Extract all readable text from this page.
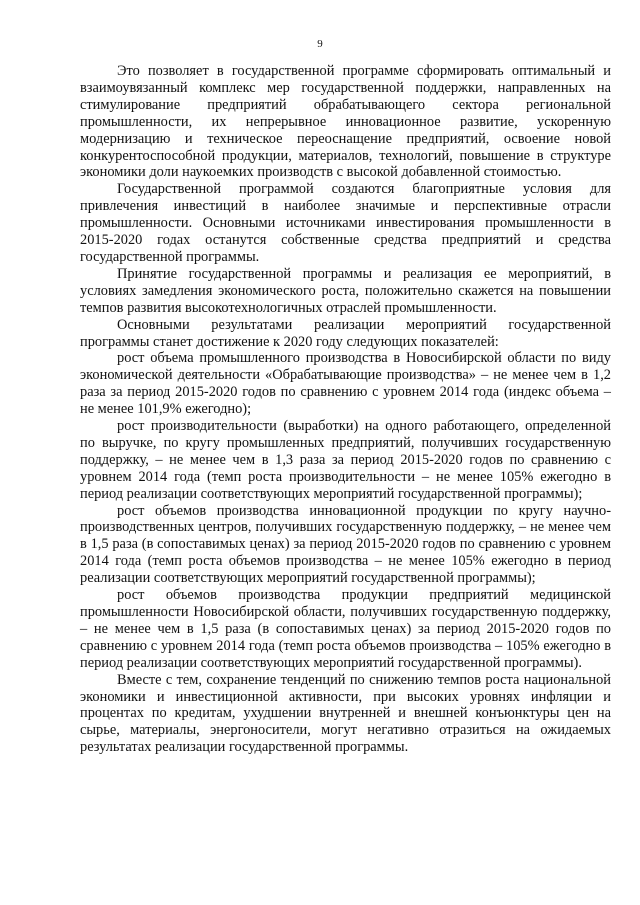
9

Это позволяет в государственной программе сформировать оптимальный и взаимоувязанный комплекс мер государственной поддержки, направленных на стимулирование предприятий обрабатывающего сектора региональной промышленности, их непрерывное инновационное развитие, ускоренную модернизацию и техническое переоснащение предприятий, освоение новой конкурентоспособной продукции, материалов, технологий, повышение в структуре экономики доли наукоемких производств с высокой добавленной стоимостью.

Государственной программой создаются благоприятные условия для привлечения инвестиций в наиболее значимые и перспективные отрасли промышленности. Основными источниками инвестирования промышленности в 2015-2020 годах останутся собственные средства предприятий и средства государственной программы.

Принятие государственной программы и реализация ее мероприятий, в условиях замедления экономического роста, положительно скажется на повышении темпов развития высокотехнологичных отраслей промышленности.

Основными результатами реализации мероприятий государственной программы станет достижение к 2020 году следующих показателей:

рост объема промышленного производства в Новосибирской области по виду экономической деятельности «Обрабатывающие производства» – не менее чем в 1,2 раза за период 2015-2020 годов по сравнению с уровнем 2014 года (индекс объема – не менее 101,9% ежегодно);

рост производительности (выработки) на одного работающего, определенной по выручке, по кругу промышленных предприятий, получивших государственную поддержку, – не менее чем в 1,3 раза за период 2015-2020 годов по сравнению с уровнем 2014 года (темп роста производительности – не менее 105% ежегодно в период реализации соответствующих мероприятий государственной программы);

рост объемов производства инновационной продукции по кругу научно-производственных центров, получивших государственную поддержку, – не менее чем в 1,5 раза (в сопоставимых ценах) за период 2015-2020 годов по сравнению с уровнем 2014 года (темп роста объемов производства – не менее 105% ежегодно в период реализации соответствующих мероприятий государственной программы);

рост объемов производства продукции предприятий медицинской промышленности Новосибирской области, получивших государственную поддержку, – не менее чем в 1,5 раза (в сопоставимых ценах) за период 2015-2020 годов по сравнению с уровнем 2014 года (темп роста объемов производства – 105% ежегодно в период реализации соответствующих мероприятий государственной программы).

Вместе с тем, сохранение тенденций по снижению темпов роста национальной экономики и инвестиционной активности, при высоких уровнях инфляции и процентах по кредитам, ухудшении внутренней и внешней конъюнктуры цен на сырье, материалы, энергоносители, могут негативно отразиться на ожидаемых результатах реализации государственной программы.
